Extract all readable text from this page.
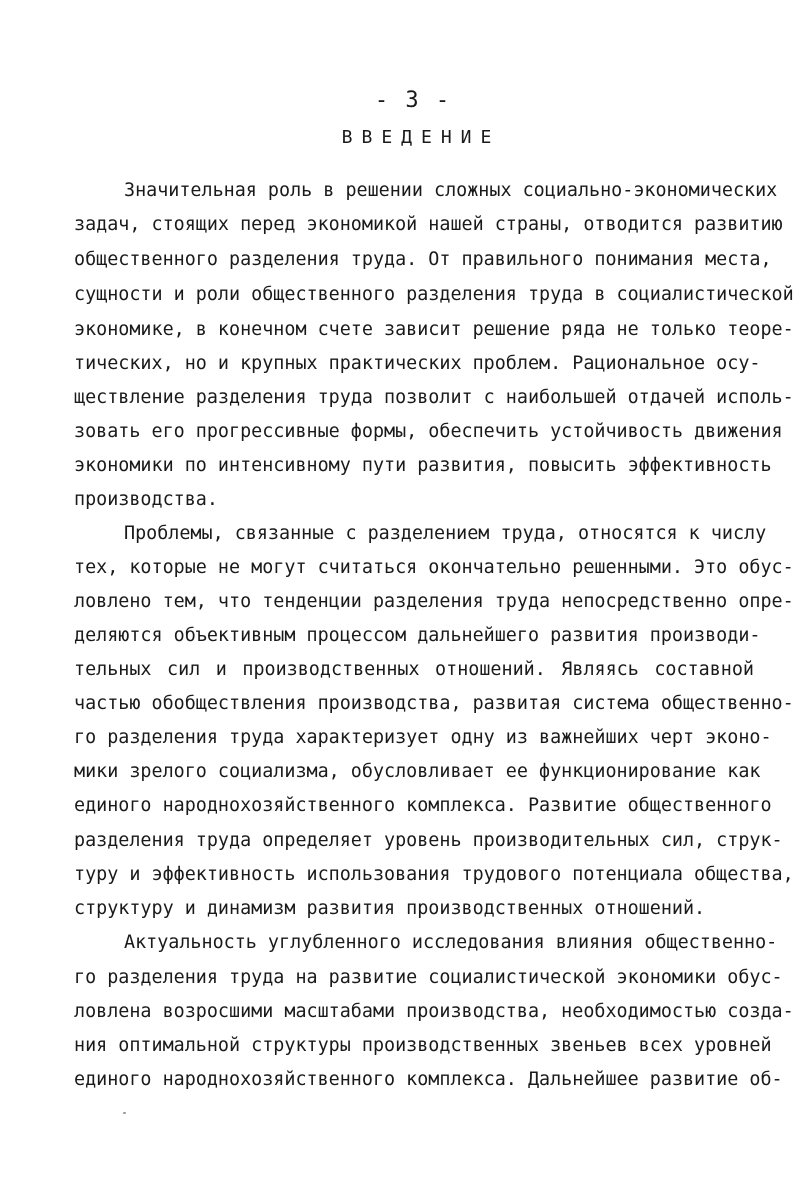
- 3 -
ВВЕДЕНИЕ
Значительная роль в решении сложных социально-экономических
задач, стоящих перед экономикой нашей страны, отводится развитию
общественного разделения труда. От правильного понимания места,
сущности и роли общественного разделения труда в социалистической
экономике, в конечном счете зависит решение ряда не только теоре-
тических, но и крупных практических проблем. Рациональное осу-
ществление разделения труда позволит с наибольшей отдачей исполь-
зовать его прогрессивные формы, обеспечить устойчивость движения
экономики по интенсивному пути развития, повысить эффективность
производства.
Проблемы, связанные с разделением труда, относятся к числу
тех, которые не могут считаться окончательно решенными. Это обус-
ловлено тем, что тенденции разделения труда непосредственно опре-
деляются объективным процессом дальнейшего развития производи-
тельных сил и производственных отношений. Являясь составной
частью обобществления производства, развитая система общественно-
го разделения труда характеризует одну из важнейших черт эконо-
мики зрелого социализма, обусловливает ее функционирование как
единого народнохозяйственного комплекса. Развитие общественного
разделения труда определяет уровень производительных сил, струк-
туру и эффективность использования трудового потенциала общества,
структуру и динамизм развития производственных отношений.
Актуальность углубленного исследования влияния общественно-
го разделения труда на развитие социалистической экономики обус-
ловлена возросшими масштабами производства, необходимостью созда-
ния оптимальной структуры производственных звеньев всех уровней
единого народнохозяйственного комплекса. Дальнейшее развитие об-
